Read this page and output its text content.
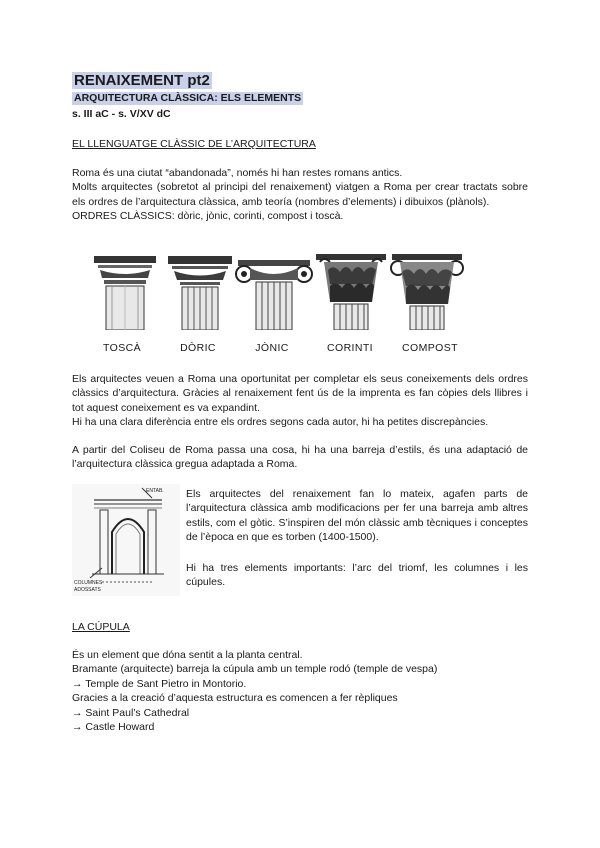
RENAIXEMENT pt2
ARQUITECTURA CLÀSSICA: ELS ELEMENTS
s. III aC - s. V/XV dC
EL LLENGUATGE CLÀSSIC DE L’ARQUITECTURA
Roma és una ciutat “abandonada”, només hi han restes romans antics.
Molts arquitectes (sobretot al principi del renaixement) viatgen a Roma per crear tractats sobre els ordres de l’arquitectura clàssica, amb teoría (nombres d’elements) i dibuixos (plànols).
ORDRES CLÀSSICS: dòric, jònic, corinti, compost i toscà.
TOSCÀ	DÒRIC	JÒNIC	CORINTI	COMPOST
Els arquitectes veuen a Roma una oportunitat per completar els seus coneixements dels ordres clàssics d’arquitectura. Gràcies al renaixement fent ús de la imprenta es fan còpies dels llibres i tot aquest coneixement es va expandint.
Hi ha una clara diferència entre els ordres segons cada autor, hi ha petites discrepàncies.
A partir del Coliseu de Roma passa una cosa, hi ha una barreja d’estils, és una adaptació de l’arquitectura clàssica gregua adaptada a Roma.
ENTAB.
COLUMNES
ADOSSATS
Els arquitectes del renaixement fan lo mateix, agafen parts de l’arquitectura clàssica amb modificacions per fer una barreja amb altres estils, com el gòtic. S’inspiren del món clàssic amb tècniques i conceptes de l’època en que es torben (1400-1500).
Hi ha tres elements importants: l’arc del triomf, les columnes i les cúpules.
LA CÚPULA
És un element que dóna sentit a la planta central.
Bramante (arquitecte) barreja la cúpula amb un temple rodó (temple de vespa)
→ Temple de Sant Pietro in Montorio.
Gracies a la creació d’aquesta estructura es comencen a fer rèpliques
→ Saint Paul’s Cathedral
→ Castle Howard
